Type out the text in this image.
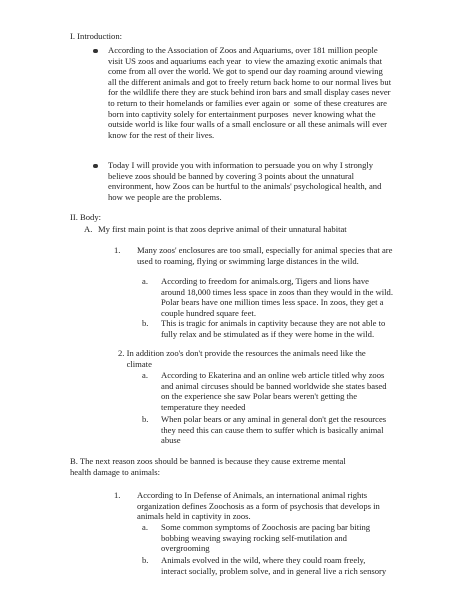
I. Introduction:

According to the Association of Zoos and Aquariums, over 181 million people
visit US zoos and aquariums each year  to view the amazing exotic animals that
come from all over the world. We got to spend our day roaming around viewing
all the different animals and got to freely return back home to our normal lives but
for the wildlife there they are stuck behind iron bars and small display cases never
to return to their homelands or families ever again or  some of these creatures are
born into captivity solely for entertainment purposes  never knowing what the
outside world is like four walls of a small enclosure or all these animals will ever
know for the rest of their lives.

Today I will provide you with information to persuade you on why I strongly
believe zoos should be banned by covering 3 points about the unnatural
environment, how Zoos can be hurtful to the animals' psychological health, and
how we people are the problems.

II. Body:

A. My first main point is that zoos deprive animal of their unnatural habitat

1. Many zoos' enclosures are too small, especially for animal species that are
used to roaming, flying or swimming large distances in the wild.

a. According to freedom for animals.org, Tigers and lions have
around 18,000 times less space in zoos than they would in the wild.
Polar bears have one million times less space. In zoos, they get a
couple hundred square feet.

b. This is tragic for animals in captivity because they are not able to
fully relax and be stimulated as if they were home in the wild.

2. In addition zoo's don't provide the resources the animals need like the
climate

a. According to Ekaterina and an online web article titled why zoos
and animal circuses should be banned worldwide she states based
on the experience she saw Polar bears weren't getting the
temperature they needed

b. When polar bears or any aminal in general don't get the resources
they need this can cause them to suffer which is basically animal
abuse

B. The next reason zoos should be banned is because they cause extreme mental
health damage to animals:

1. According to In Defense of Animals, an international animal rights
organization defines Zoochosis as a form of psychosis that develops in
animals held in captivity in zoos.

a. Some common symptoms of Zoochosis are pacing bar biting
bobbing weaving swaying rocking self-mutilation and
overgrooming

b. Animals evolved in the wild, where they could roam freely,
interact socially, problem solve, and in general live a rich sensory
